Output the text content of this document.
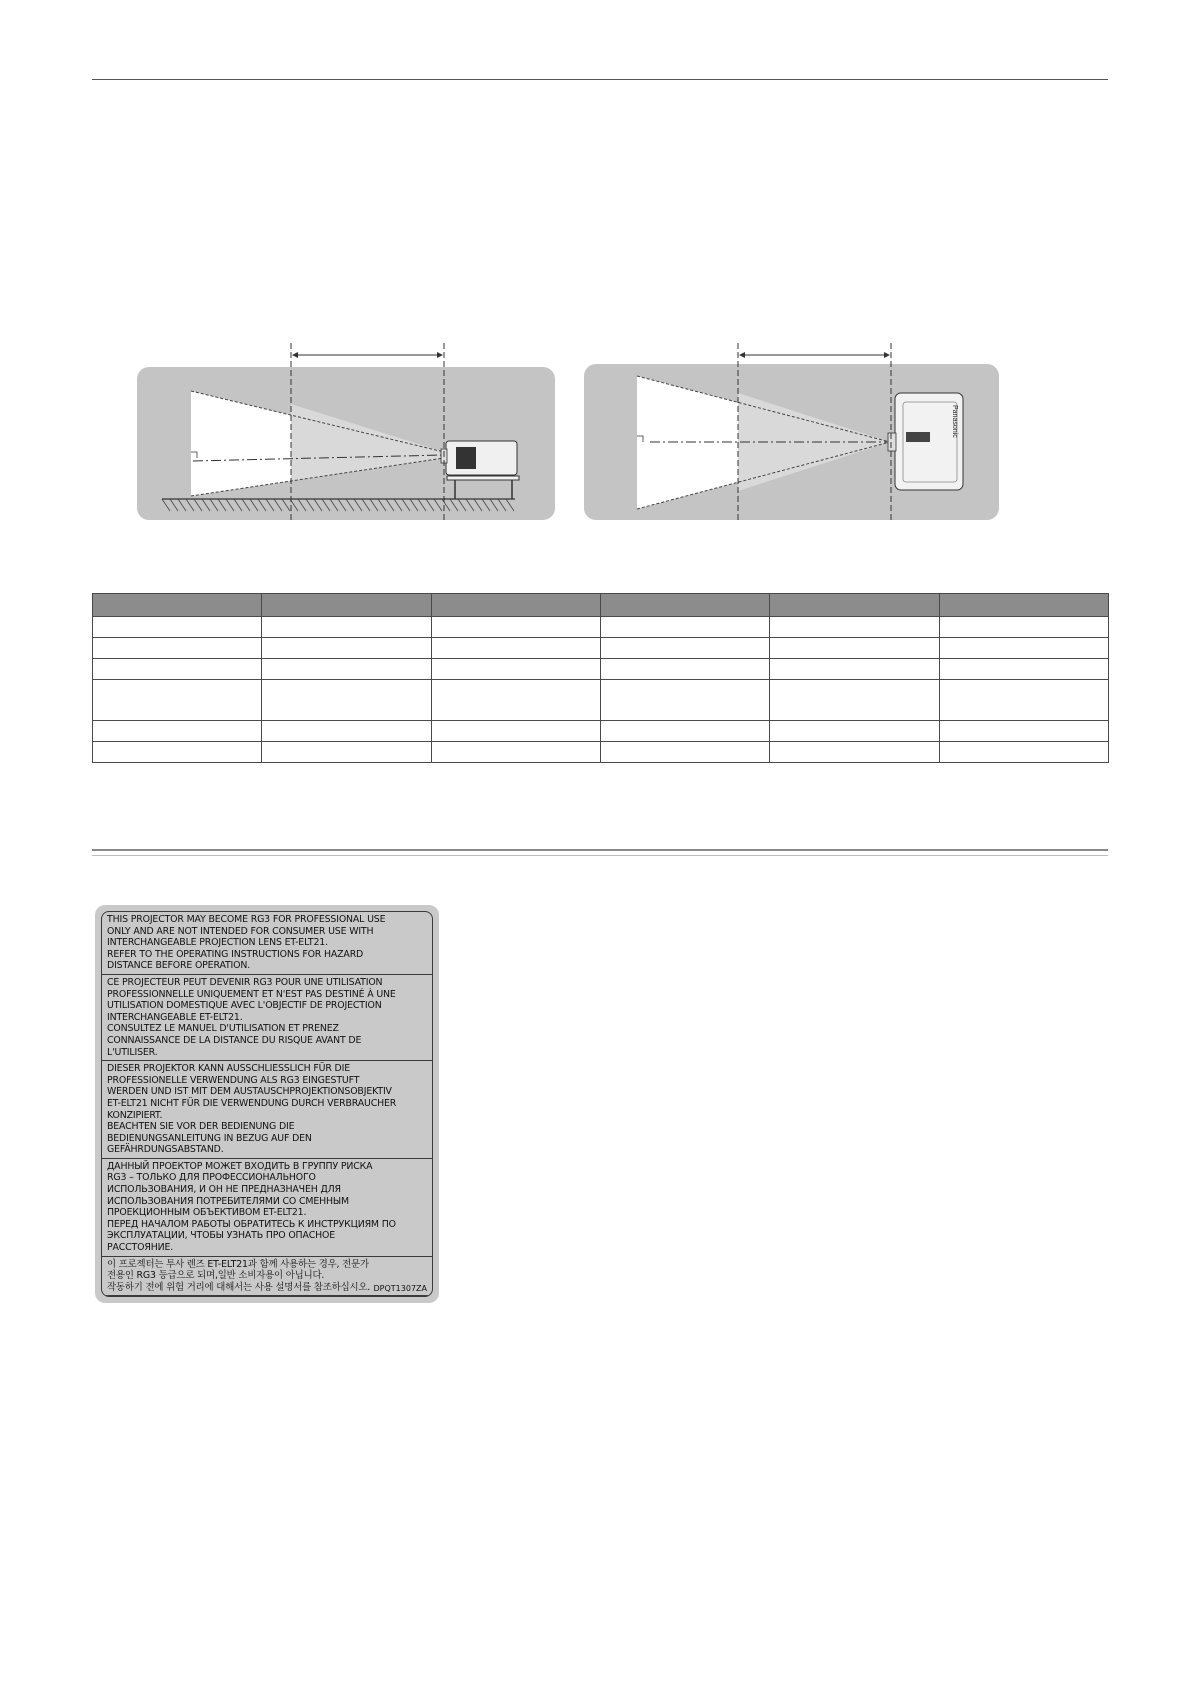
Panasonic

THIS PROJECTOR MAY BECOME RG3 FOR PROFESSIONAL USE
ONLY AND ARE NOT INTENDED FOR CONSUMER USE WITH
INTERCHANGEABLE PROJECTION LENS ET-ELT21.
REFER TO THE OPERATING INSTRUCTIONS FOR HAZARD
DISTANCE BEFORE OPERATION.
CE PROJECTEUR PEUT DEVENIR RG3 POUR UNE UTILISATION
PROFESSIONNELLE UNIQUEMENT ET N'EST PAS DESTINÉ À UNE
UTILISATION DOMESTIQUE AVEC L'OBJECTIF DE PROJECTION
INTERCHANGEABLE ET-ELT21.
CONSULTEZ LE MANUEL D'UTILISATION ET PRENEZ
CONNAISSANCE DE LA DISTANCE DU RISQUE AVANT DE
L'UTILISER.
DIESER PROJEKTOR KANN AUSSCHLIESSLICH FÜR DIE
PROFESSIONELLE VERWENDUNG ALS RG3 EINGESTUFT
WERDEN UND IST MIT DEM AUSTAUSCHPROJEKTIONSOBJEKTIV
ET-ELT21 NICHT FÜR DIE VERWENDUNG DURCH VERBRAUCHER
KONZIPIERT.
BEACHTEN SIE VOR DER BEDIENUNG DIE
BEDIENUNGSANLEITUNG IN BEZUG AUF DEN
GEFÄHRDUNGSABSTAND.
ДАННЫЙ ПРОЕКТОР МОЖЕТ ВХОДИТЬ В ГРУППУ РИСКА
RG3 – ТОЛЬКО ДЛЯ ПРОФЕССИОНАЛЬНОГО
ИСПОЛЬЗОВАНИЯ, И ОН НЕ ПРЕДНАЗНАЧЕН ДЛЯ
ИСПОЛЬЗОВАНИЯ ПОТРЕБИТЕЛЯМИ СО СМЕННЫМ
ПРОЕКЦИОННЫМ ОБЪЕКТИВОМ ET-ELT21.
ПЕРЕД НАЧАЛОМ РАБОТЫ ОБРАТИТЕСЬ К ИНСТРУКЦИЯМ ПО
ЭКСПЛУАТАЦИИ, ЧТОБЫ УЗНАТЬ ПРО ОПАСНОЕ
РАССТОЯНИЕ.
이 프로젝터는 투사 렌즈 ET-ELT21과 함께 사용하는 경우, 전문가
전용인 RG3 등급으로 되며,일반 소비자용이 아닙니다.
작동하기 전에 위험 거리에 대해서는 사용 설명서를 참조하십시오. DPQT1307ZA
